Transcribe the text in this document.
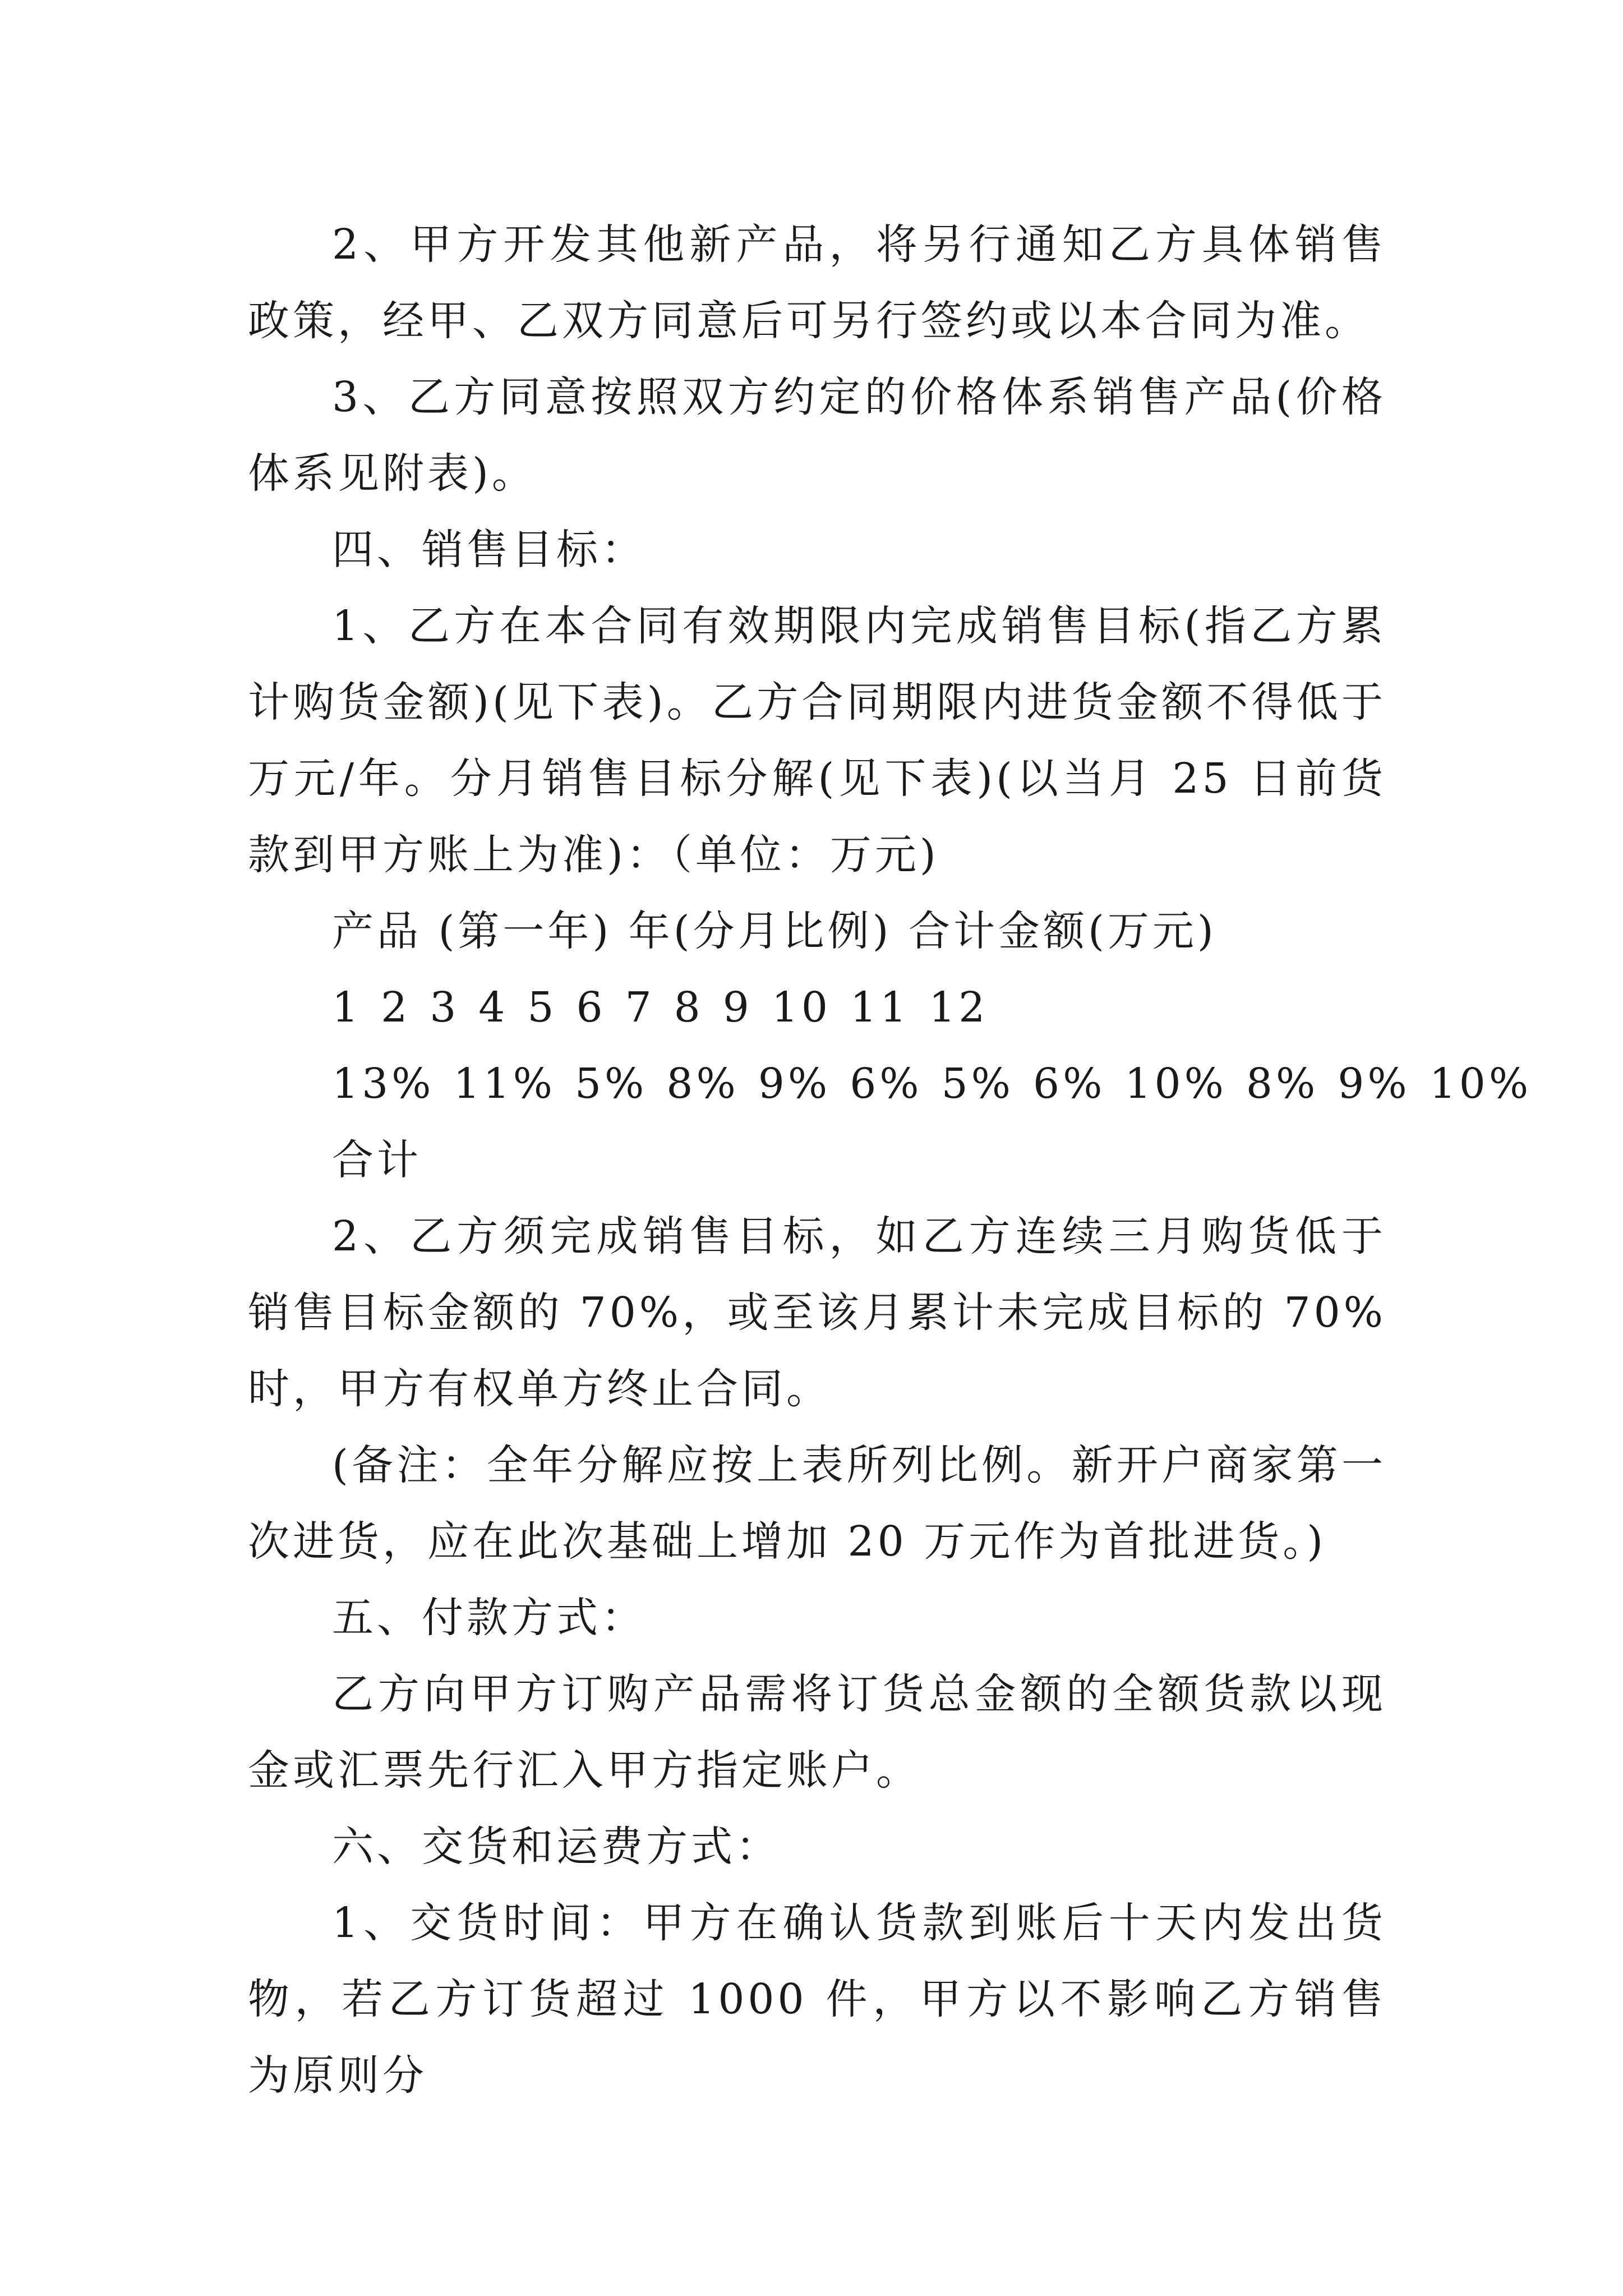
2、甲方开发其他新产品，将另行通知乙方具体销售政策，经甲、乙双方同意后可另行签约或以本合同为准。

3、乙方同意按照双方约定的价格体系销售产品(价格体系见附表)。

四、销售目标：

1、乙方在本合同有效期限内完成销售目标(指乙方累计购货金额)(见下表)。乙方合同期限内进货金额不得低于万元/年。分月销售目标分解(见下表)(以当月 25 日前货款到甲方账上为准)：（单位：万元)

产品 (第一年) 年(分月比例) 合计金额(万元)

1 2 3 4 5 6 7 8 9 10 11 12

13% 11% 5% 8% 9% 6% 5% 6% 10% 8% 9% 10%

合计

2、乙方须完成销售目标，如乙方连续三月购货低于销售目标金额的 70%，或至该月累计未完成目标的 70%时，甲方有权单方终止合同。

(备注：全年分解应按上表所列比例。新开户商家第一次进货，应在此次基础上增加 20 万元作为首批进货。)

五、付款方式：

乙方向甲方订购产品需将订货总金额的全额货款以现金或汇票先行汇入甲方指定账户。

六、交货和运费方式：

1、交货时间：甲方在确认货款到账后十天内发出货物，若乙方订货超过 1000 件，甲方以不影响乙方销售为原则分
